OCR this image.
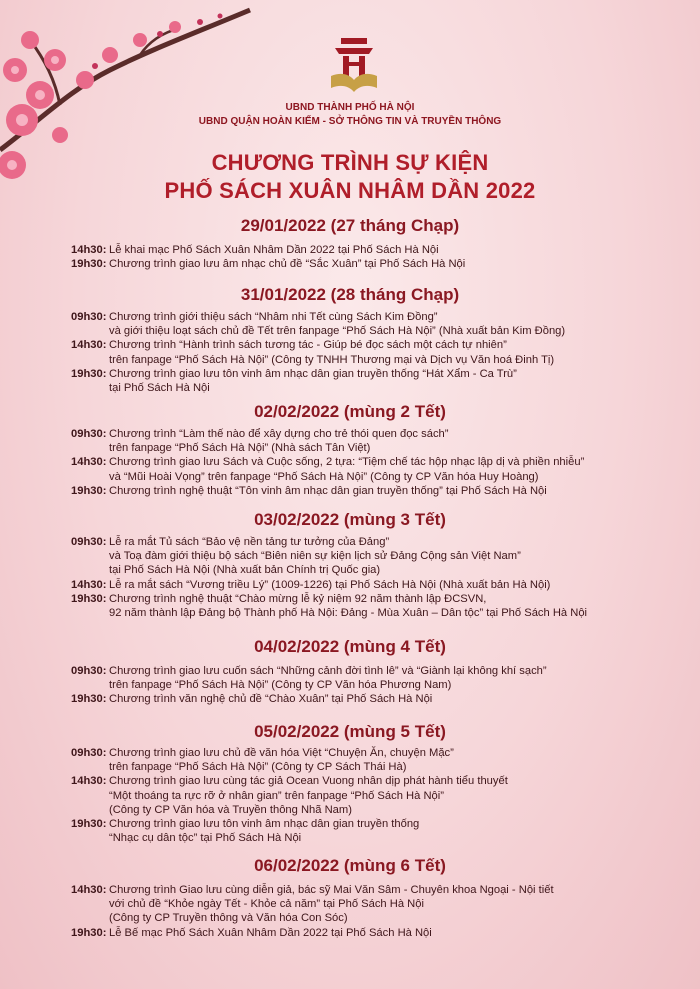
UBND THÀNH PHỐ HÀ NỘI
UBND QUẬN HOÀN KIẾM - SỞ THÔNG TIN VÀ TRUYỀN THÔNG
CHƯƠNG TRÌNH SỰ KIỆN
PHỐ SÁCH XUÂN NHÂM DẦN 2022
29/01/2022 (27 tháng Chạp)
14h30: Lễ khai mạc Phố Sách Xuân Nhâm Dần 2022 tại Phố Sách Hà Nội
19h30: Chương trình giao lưu âm nhạc chủ đề “Sắc Xuân” tại Phố Sách Hà Nội
31/01/2022 (28 tháng Chạp)
09h30: Chương trình giới thiệu sách “Nhâm nhi Tết cùng Sách Kim Đồng”
và giới thiệu loạt sách chủ đề Tết trên fanpage “Phố Sách Hà Nội” (Nhà xuất bản Kim Đồng)
14h30: Chương trình “Hành trình sách tương tác - Giúp bé đọc sách một cách tự nhiên”
trên fanpage “Phố Sách Hà Nội” (Công ty TNHH Thương mại và Dịch vụ Văn hoá Đinh Tị)
19h30: Chương trình giao lưu tôn vinh âm nhạc dân gian truyền thống “Hát Xẩm - Ca Trù”
tại Phố Sách Hà Nội
02/02/2022 (mùng 2 Tết)
09h30: Chương trình “Làm thế nào để xây dựng cho trẻ thói quen đọc sách”
trên fanpage “Phố Sách Hà Nội” (Nhà sách Tân Việt)
14h30: Chương trình giao lưu Sách và Cuộc sống, 2 tựa: “Tiệm chế tác hộp nhạc lập dị và phiền nhiễu”
và “Mũi Hoài Vọng” trên fanpage “Phố Sách Hà Nội” (Công ty CP Văn hóa Huy Hoàng)
19h30: Chương trình nghệ thuật “Tôn vinh âm nhạc dân gian truyền thống” tại Phố Sách Hà Nội
03/02/2022 (mùng 3 Tết)
09h30: Lễ ra mắt Tủ sách “Bảo vệ nền tảng tư tưởng của Đảng”
và Toạ đàm giới thiệu bộ sách “Biên niên sự kiện lịch sử Đảng Cộng sản Việt Nam”
tại Phố Sách Hà Nội (Nhà xuất bản Chính trị Quốc gia)
14h30: Lễ ra mắt sách “Vương triều Lý” (1009-1226) tại Phố Sách Hà Nội (Nhà xuất bản Hà Nội)
19h30: Chương trình nghệ thuật “Chào mừng lễ kỷ niệm 92 năm thành lập ĐCSVN,
92 năm thành lập Đảng bộ Thành phố Hà Nội: Đảng - Mùa Xuân – Dân tộc” tại Phố Sách Hà Nội
04/02/2022 (mùng 4 Tết)
09h30: Chương trình giao lưu cuốn sách “Những cảnh đời tình lê” và “Giành lại không khí sạch”
trên fanpage “Phố Sách Hà Nội” (Công ty CP Văn hóa Phương Nam)
19h30: Chương trình văn nghệ chủ đề “Chào Xuân” tại Phố Sách Hà Nội
05/02/2022 (mùng 5 Tết)
09h30: Chương trình giao lưu chủ đề văn hóa Việt “Chuyện Ăn, chuyện Mặc”
trên fanpage “Phố Sách Hà Nội” (Công ty CP Sách Thái Hà)
14h30: Chương trình giao lưu cùng tác giả Ocean Vuong nhân dịp phát hành tiểu thuyết
“Một thoáng ta rực rỡ ở nhân gian” trên fanpage “Phố Sách Hà Nội”
(Công ty CP Văn hóa và Truyền thông Nhã Nam)
19h30: Chương trình giao lưu tôn vinh âm nhạc dân gian truyền thống
“Nhạc cụ dân tộc” tại Phố Sách Hà Nội
06/02/2022 (mùng 6 Tết)
14h30: Chương trình Giao lưu cùng diễn giả, bác sỹ Mai Văn Sâm - Chuyên khoa Ngoại - Nội tiết
với chủ đề “Khỏe ngày Tết - Khỏe cả năm” tại Phố Sách Hà Nội
(Công ty CP Truyền thông và Văn hóa Con Sóc)
19h30: Lễ Bế mạc Phố Sách Xuân Nhâm Dần 2022 tại Phố Sách Hà Nội
